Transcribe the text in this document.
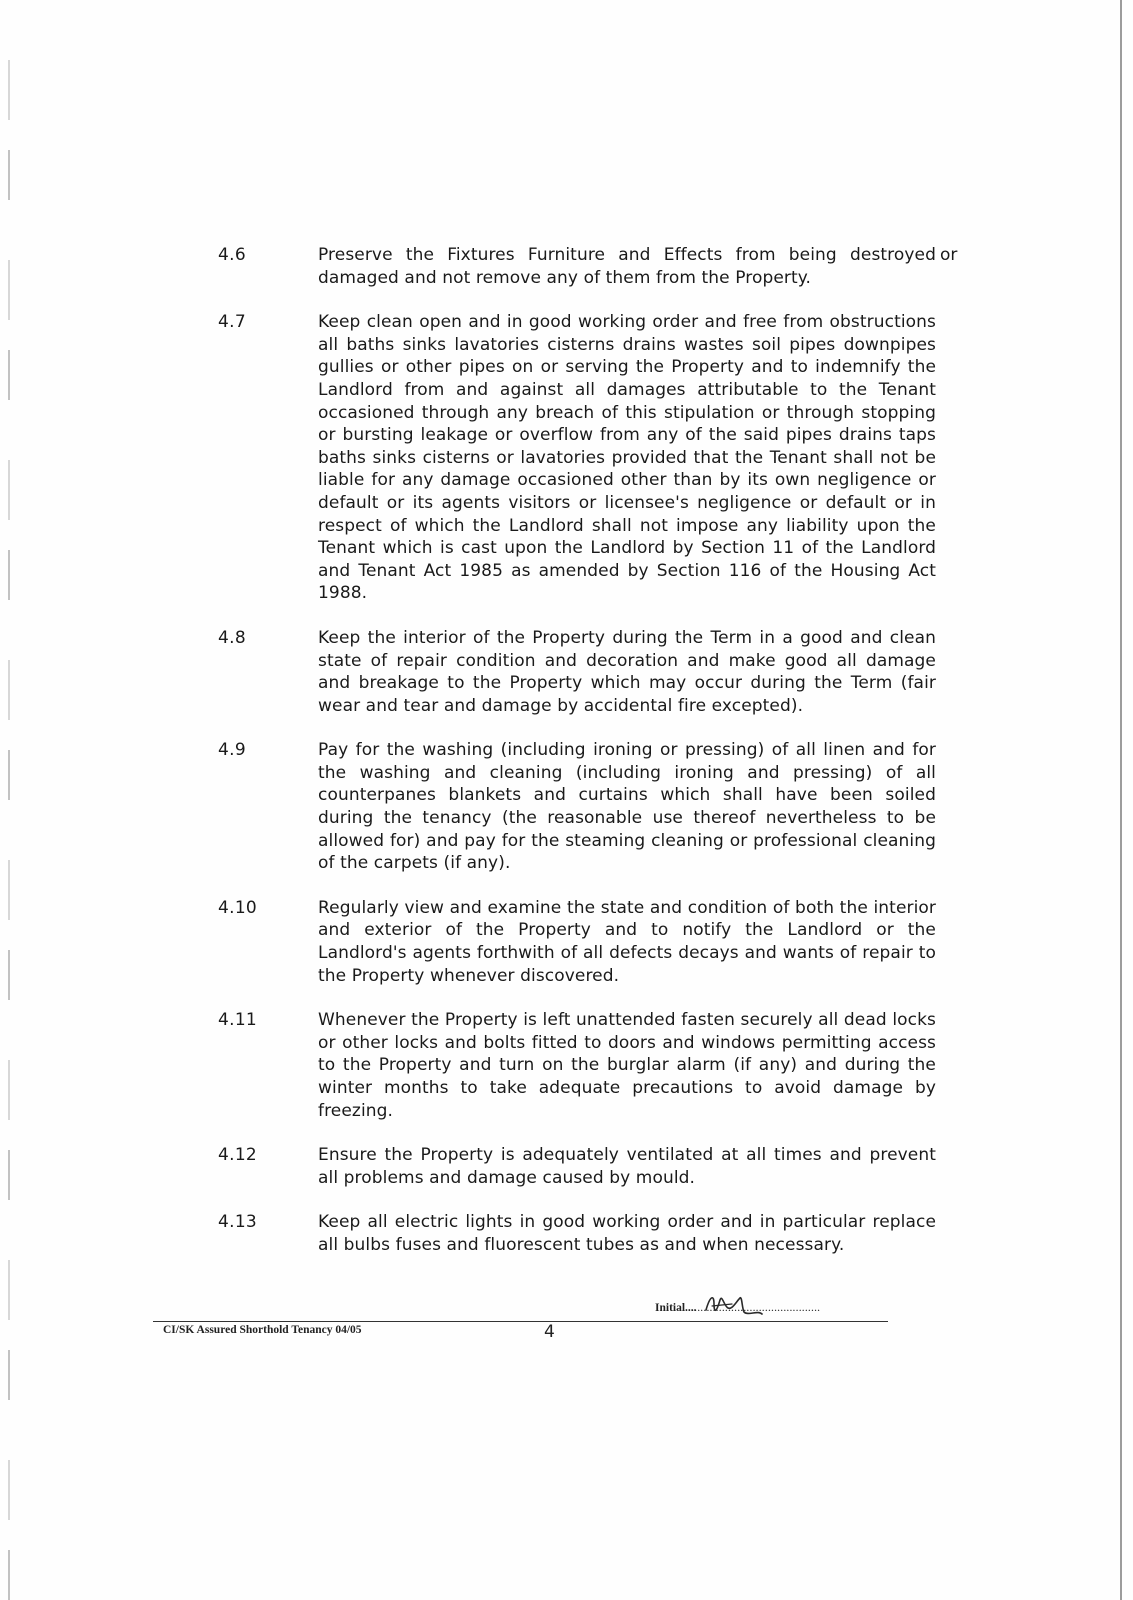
4.6	Preserve the Fixtures Furniture and Effects from being destroyed damaged and not remove any of them from the Property.
4.7	Keep clean open and in good working order and free from obstructions all baths sinks lavatories cisterns drains wastes soil pipes downpipes gullies or other pipes on or serving the Property and to indemnify the Landlord from and against all damages attributable to the Tenant occasioned through any breach of this stipulation or through stopping or bursting leakage or overflow from any of the said pipes drains taps baths sinks cisterns or lavatories provided that the Tenant shall not be liable for any damage occasioned other than by its own negligence or default or its agents visitors or licensee's negligence or default or in respect of which the Landlord shall not impose any liability upon the Tenant which is cast upon the Landlord by Section 11 of the Landlord and Tenant Act 1985 as amended by Section 116 of the Housing Act 1988.
4.8	Keep the interior of the Property during the Term in a good and clean state of repair condition and decoration and make good all damage and breakage to the Property which may occur during the Term (fair wear and tear and damage by accidental fire excepted).
4.9	Pay for the washing (including ironing or pressing) of all linen and for the washing and cleaning (including ironing and pressing) of all counterpanes blankets and curtains which shall have been soiled during the tenancy (the reasonable use thereof nevertheless to be allowed for) and pay for the steaming cleaning or professional cleaning of the carpets (if any).
4.10	Regularly view and examine the state and condition of both the interior and exterior of the Property and to notify the Landlord or the Landlord's agents forthwith of all defects decays and wants of repair to the Property whenever discovered.
4.11	Whenever the Property is left unattended fasten securely all dead locks or other locks and bolts fitted to doors and windows permitting access to the Property and turn on the burglar alarm (if any) and during the winter months to take adequate precautions to avoid damage by freezing.
4.12	Ensure the Property is adequately ventilated at all times and prevent all problems and damage caused by mould.
4.13	Keep all electric lights in good working order and in particular replace all bulbs fuses and fluorescent tubes as and when necessary.
or
Initial....
...........................................
CI/SK Assured Shorthold Tenancy 04/05	4
